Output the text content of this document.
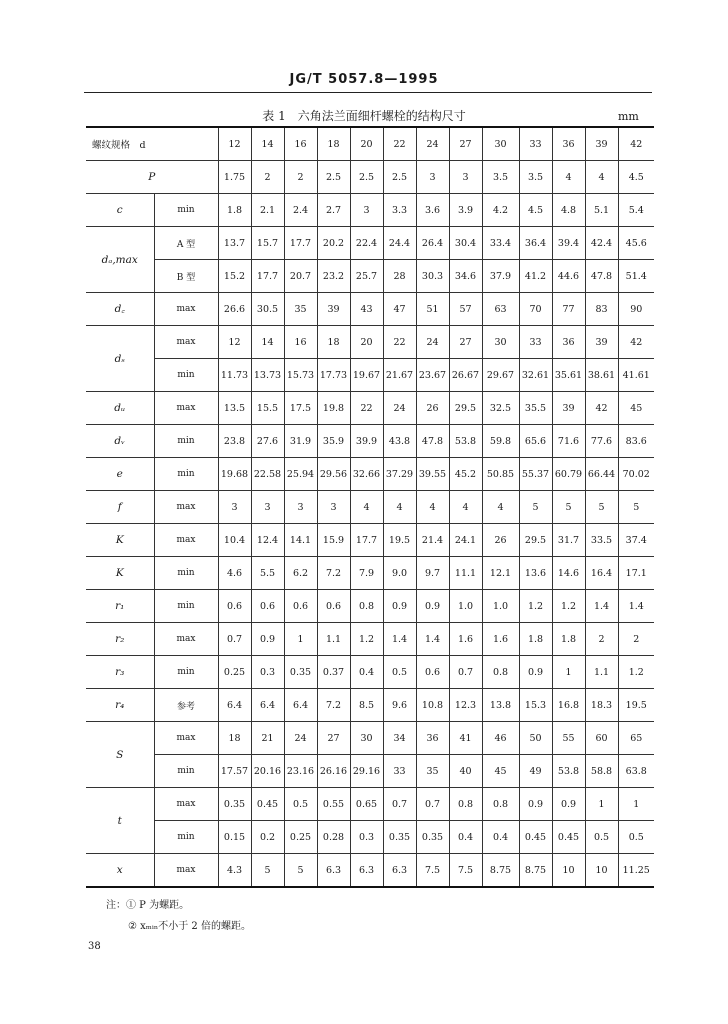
JG/T 5057.8—1995
表 1　六角法兰面细杆螺栓的结构尺寸	mm
螺纹规格　d		12	14	16	18	20	22	24	27	30	33	36	39	42
P		1.75	2	2	2.5	2.5	2.5	3	3	3.5	3.5	4	4	4.5
c	min	1.8	2.1	2.4	2.7	3	3.3	3.6	3.9	4.2	4.5	4.8	5.1	5.4
dₐ,max	A 型	13.7	15.7	17.7	20.2	22.4	24.4	26.4	30.4	33.4	36.4	39.4	42.4	45.6
	B 型	15.2	17.7	20.7	23.2	25.7	28	30.3	34.6	37.9	41.2	44.6	47.8	51.4
d꜀	max	26.6	30.5	35	39	43	47	51	57	63	70	77	83	90
dₛ	max	12	14	16	18	20	22	24	27	30	33	36	39	42
	min	11.73	13.73	15.73	17.73	19.67	21.67	23.67	26.67	29.67	32.61	35.61	38.61	41.61
dᵤ	max	13.5	15.5	17.5	19.8	22	24	26	29.5	32.5	35.5	39	42	45
dᵥ	min	23.8	27.6	31.9	35.9	39.9	43.8	47.8	53.8	59.8	65.6	71.6	77.6	83.6
e	min	19.68	22.58	25.94	29.56	32.66	37.29	39.55	45.2	50.85	55.37	60.79	66.44	70.02
f	max	3	3	3	3	4	4	4	4	4	5	5	5	5
K	max	10.4	12.4	14.1	15.9	17.7	19.5	21.4	24.1	26	29.5	31.7	33.5	37.4
K	min	4.6	5.5	6.2	7.2	7.9	9.0	9.7	11.1	12.1	13.6	14.6	16.4	17.1
r₁	min	0.6	0.6	0.6	0.6	0.8	0.9	0.9	1.0	1.0	1.2	1.2	1.4	1.4
r₂	max	0.7	0.9	1	1.1	1.2	1.4	1.4	1.6	1.6	1.8	1.8	2	2
r₃	min	0.25	0.3	0.35	0.37	0.4	0.5	0.6	0.7	0.8	0.9	1	1.1	1.2
r₄	参考	6.4	6.4	6.4	7.2	8.5	9.6	10.8	12.3	13.8	15.3	16.8	18.3	19.5
S	max	18	21	24	27	30	34	36	41	46	50	55	60	65
	min	17.57	20.16	23.16	26.16	29.16	33	35	40	45	49	53.8	58.8	63.8
t	max	0.35	0.45	0.5	0.55	0.65	0.7	0.7	0.8	0.8	0.9	0.9	1	1
	min	0.15	0.2	0.25	0.28	0.3	0.35	0.35	0.4	0.4	0.45	0.45	0.5	0.5
x	max	4.3	5	5	6.3	6.3	6.3	7.5	7.5	8.75	8.75	10	10	11.25
注：① P 为螺距。
② xₘᵢₙ不小于 2 倍的螺距。
38
